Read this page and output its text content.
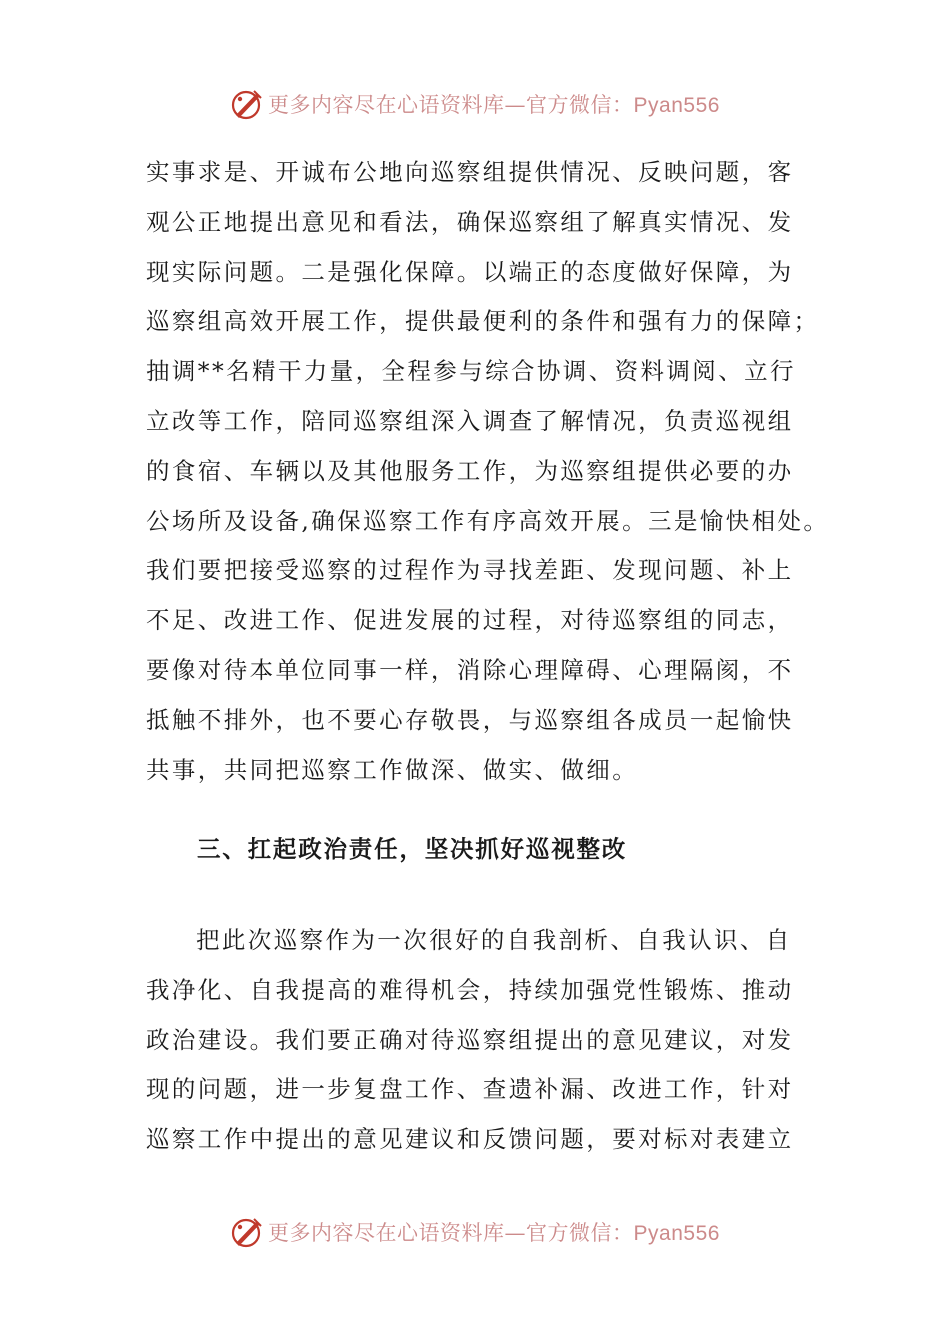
更多内容尽在心语资料库—官方微信：Pyan556
实事求是、开诚布公地向巡察组提供情况、反映问题，客
观公正地提出意见和看法，确保巡察组了解真实情况、发
现实际问题。二是强化保障。以端正的态度做好保障，为
巡察组高效开展工作，提供最便利的条件和强有力的保障；
抽调**名精干力量，全程参与综合协调、资料调阅、立行
立改等工作，陪同巡察组深入调查了解情况，负责巡视组
的食宿、车辆以及其他服务工作，为巡察组提供必要的办
公场所及设备,确保巡察工作有序高效开展。三是愉快相处。
我们要把接受巡察的过程作为寻找差距、发现问题、补上
不足、改进工作、促进发展的过程，对待巡察组的同志，
要像对待本单位同事一样，消除心理障碍、心理隔阂，不
抵触不排外，也不要心存敬畏，与巡察组各成员一起愉快
共事，共同把巡察工作做深、做实、做细。
三、扛起政治责任，坚决抓好巡视整改
把此次巡察作为一次很好的自我剖析、自我认识、自
我净化、自我提高的难得机会，持续加强党性锻炼、推动
政治建设。我们要正确对待巡察组提出的意见建议，对发
现的问题，进一步复盘工作、查遗补漏、改进工作，针对
巡察工作中提出的意见建议和反馈问题，要对标对表建立
更多内容尽在心语资料库—官方微信：Pyan556
